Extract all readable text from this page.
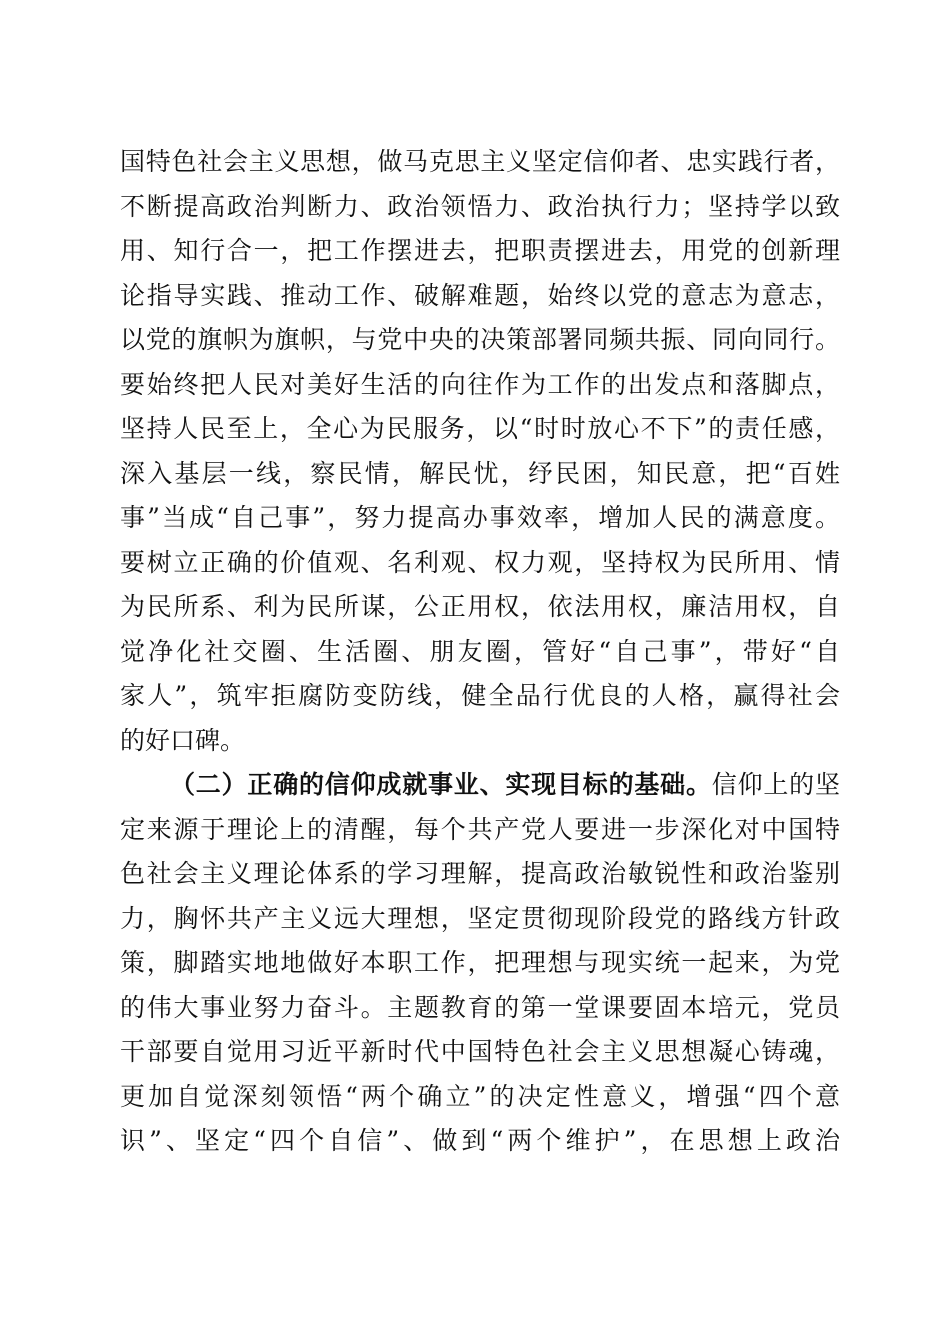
国特色社会主义思想，做马克思主义坚定信仰者、忠实践行者，
不断提高政治判断力、政治领悟力、政治执行力；坚持学以致
用、知行合一，把工作摆进去，把职责摆进去，用党的创新理
论指导实践、推动工作、破解难题，始终以党的意志为意志，
以党的旗帜为旗帜，与党中央的决策部署同频共振、同向同行。
要始终把人民对美好生活的向往作为工作的出发点和落脚点，
坚持人民至上，全心为民服务，以“时时放心不下”的责任感，
深入基层一线，察民情，解民忧，纾民困，知民意，把“百姓
事”当成“自己事”，努力提高办事效率，增加人民的满意度。
要树立正确的价值观、名利观、权力观，坚持权为民所用、情
为民所系、利为民所谋，公正用权，依法用权，廉洁用权，自
觉净化社交圈、生活圈、朋友圈，管好“自己事”，带好“自
家人”，筑牢拒腐防变防线，健全品行优良的人格，赢得社会
的好口碑。
（二）正确的信仰成就事业、实现目标的基础。信仰上的坚
定来源于理论上的清醒，每个共产党人要进一步深化对中国特
色社会主义理论体系的学习理解，提高政治敏锐性和政治鉴别
力，胸怀共产主义远大理想，坚定贯彻现阶段党的路线方针政
策，脚踏实地地做好本职工作，把理想与现实统一起来，为党
的伟大事业努力奋斗。主题教育的第一堂课要固本培元，党员
干部要自觉用习近平新时代中国特色社会主义思想凝心铸魂，
更加自觉深刻领悟“两个确立”的决定性意义，增强“四个意
识”、坚定“四个自信”、做到“两个维护”，在思想上政治
